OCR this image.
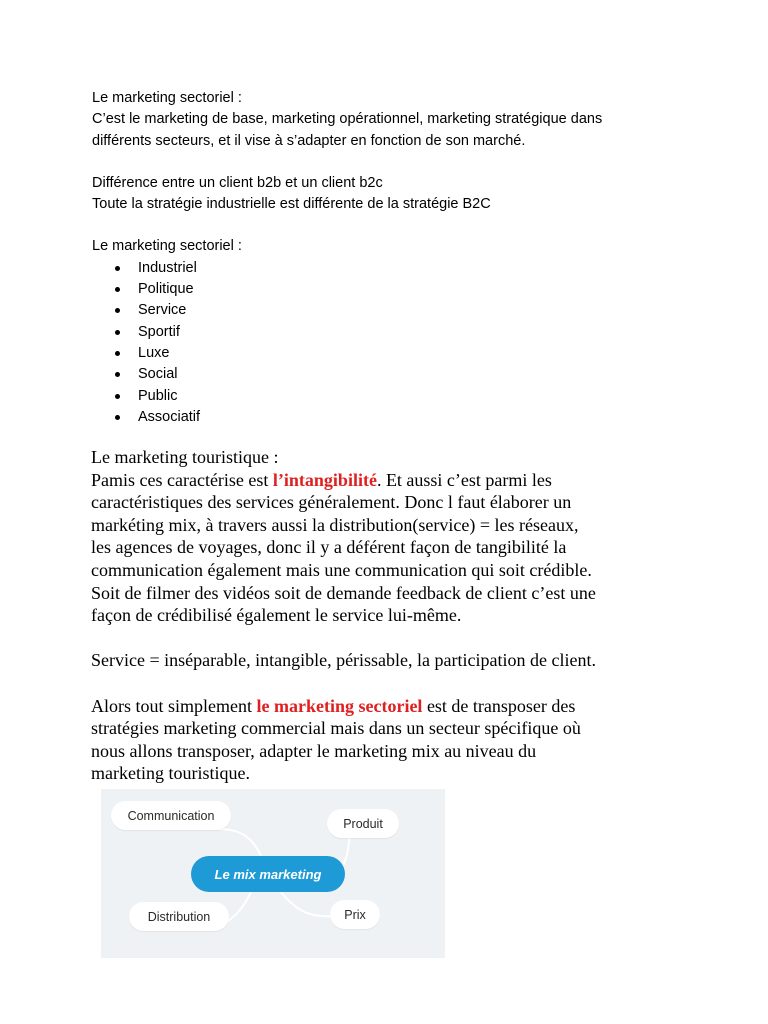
Le marketing sectoriel :

C’est le marketing de base, marketing opérationnel, marketing stratégique dans

différents secteurs, et il vise à s’adapter en fonction de son marché.

Différence entre un client b2b et un client b2c

Toute la stratégie industrielle est différente de la stratégie B2C

Le marketing sectoriel :

Industriel
Politique
Service
Sportif
Luxe
Social
Public
Associatif

Le marketing touristique :

Pamis ces caractérise est l’intangibilité. Et aussi c’est parmi les

caractéristiques des services généralement. Donc l faut élaborer un

markéting mix, à travers aussi la distribution(service) = les réseaux,

les agences de voyages, donc il y a déférent façon de tangibilité la

communication également mais une communication qui soit crédible.

Soit de filmer des vidéos soit de demande feedback de client c’est une

façon de crédibilisé également le service lui-même.

Service = inséparable, intangible, périssable, la participation de client.

Alors tout simplement le marketing sectoriel est de transposer des

stratégies marketing commercial mais dans un secteur spécifique où

nous allons transposer, adapter le marketing mix au niveau du

marketing touristique.

Communication
Produit
Le mix marketing
Distribution	Prix
